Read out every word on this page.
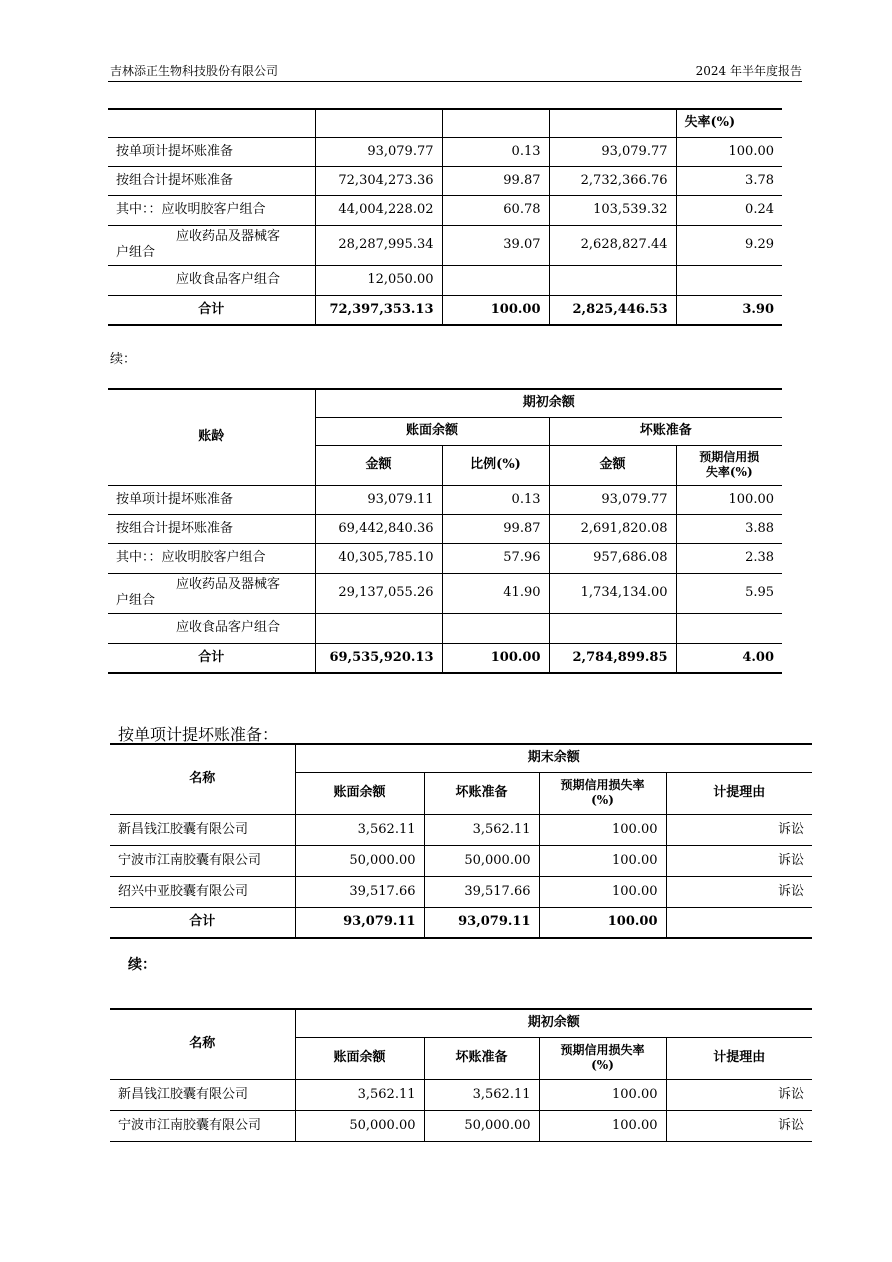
吉林添正生物科技股份有限公司	2024 年半年度报告
				失率(%)
按单项计提坏账准备	93,079.77	0.13	93,079.77	100.00
按组合计提坏账准备	72,304,273.36	99.87	2,732,366.76	3.78
其中：：应收明胶客户组合	44,004,228.02	60.78	103,539.32	0.24

应收药品及器械客
户组合	28,287,995.34	39.07	2,628,827.44	9.29
应收食品客户组合	12,050.00			
合计	72,397,353.13	100.00	2,825,446.53	3.90
续：
账龄	期初余额			
	账面余额		坏账准备	
	金额	比例(%)	金额	预期信用损
失率(%)

按单项计提坏账准备	93,079.11	0.13	93,079.77	100.00
按组合计提坏账准备	69,442,840.36	99.87	2,691,820.08	3.88
其中：：应收明胶客户组合	40,305,785.10	57.96	957,686.08	2.38

应收药品及器械客
户组合	29,137,055.26	41.90	1,734,134.00	5.95
应收食品客户组合				
合计	69,535,920.13	100.00	2,784,899.85	4.00
按单项计提坏账准备：
名称	期末余额			
	账面余额	坏账准备	预期信用损失率
(%)	计提理由
新昌钱江胶囊有限公司	3,562.11	3,562.11	100.00	诉讼
宁波市江南胶囊有限公司	50,000.00	50,000.00	100.00	诉讼
绍兴中亚胶囊有限公司	39,517.66	39,517.66	100.00	诉讼
合计	93,079.11	93,079.11	100.00	
续：
名称	期初余额			
	账面余额	坏账准备	预期信用损失率
(%)	计提理由
新昌钱江胶囊有限公司	3,562.11	3,562.11	100.00	诉讼
宁波市江南胶囊有限公司	50,000.00	50,000.00	100.00	诉讼
